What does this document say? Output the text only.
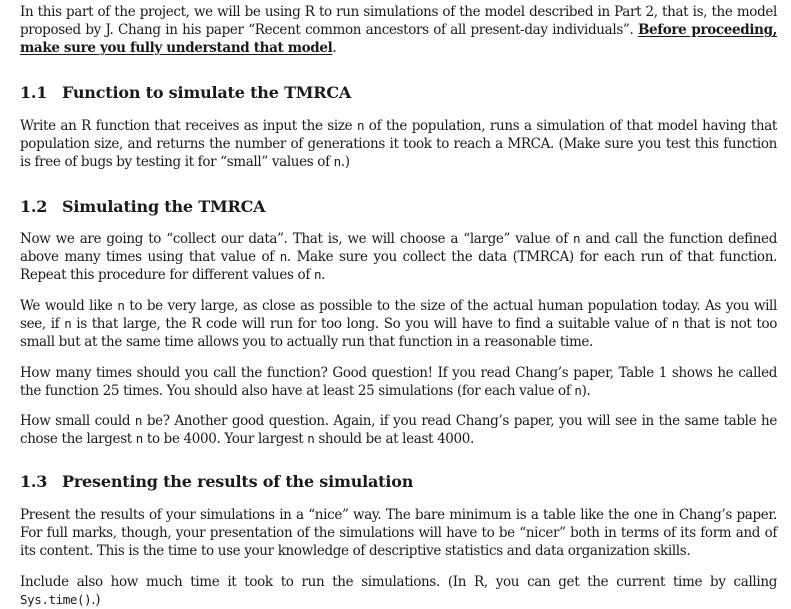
In this part of the project, we will be using R to run simulations of the model described in Part 2, that is, the model proposed by J. Chang in his paper “Recent common ancestors of all present-day individuals”. Before proceeding, make sure you fully understand that model.

1.1 Function to simulate the TMRCA

Write an R function that receives as input the size n of the population, runs a simulation of that model having that population size, and returns the number of generations it took to reach a MRCA. (Make sure you test this function is free of bugs by testing it for “small” values of n.)

1.2 Simulating the TMRCA

Now we are going to “collect our data”. That is, we will choose a “large” value of n and call the function defined above many times using that value of n. Make sure you collect the data (TMRCA) for each run of that function. Repeat this procedure for different values of n.

We would like n to be very large, as close as possible to the size of the actual human population today. As you will see, if n is that large, the R code will run for too long. So you will have to find a suitable value of n that is not too small but at the same time allows you to actually run that function in a reasonable time.

How many times should you call the function? Good question! If you read Chang’s paper, Table 1 shows he called the function 25 times. You should also have at least 25 simulations (for each value of n).

How small could n be? Another good question. Again, if you read Chang’s paper, you will see in the same table he chose the largest n to be 4000. Your largest n should be at least 4000.

1.3 Presenting the results of the simulation

Present the results of your simulations in a “nice” way. The bare minimum is a table like the one in Chang’s paper. For full marks, though, your presentation of the simulations will have to be “nicer” both in terms of its form and of its content. This is the time to use your knowledge of descriptive statistics and data organization skills.

Include also how much time it took to run the simulations. (In R, you can get the current time by calling Sys.time().)
